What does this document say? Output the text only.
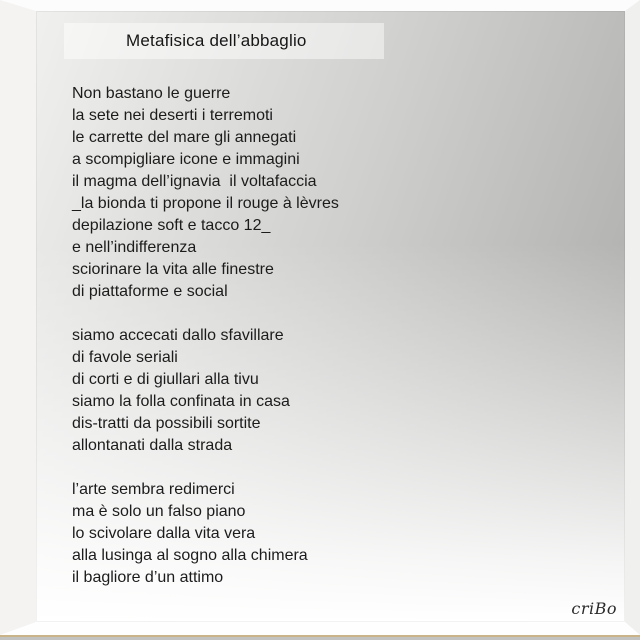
Metafisica dell’abbaglio
Non bastano le guerre
la sete nei deserti i terremoti
le carrette del mare gli annegati
a scompigliare icone e immagini
il magma dell’ignavia  il voltafaccia
_la bionda ti propone il rouge à lèvres
depilazione soft e tacco 12_
e nell’indifferenza
sciorinare la vita alle finestre
di piattaforme e social
siamo accecati dallo sfavillare
di favole seriali
di corti e di giullari alla tivu
siamo la folla confinata in casa
dis-tratti da possibili sortite
allontanati dalla strada
l’arte sembra redimerci
ma è solo un falso piano
lo scivolare dalla vita vera
alla lusinga al sogno alla chimera
il bagliore d’un attimo
criBo
